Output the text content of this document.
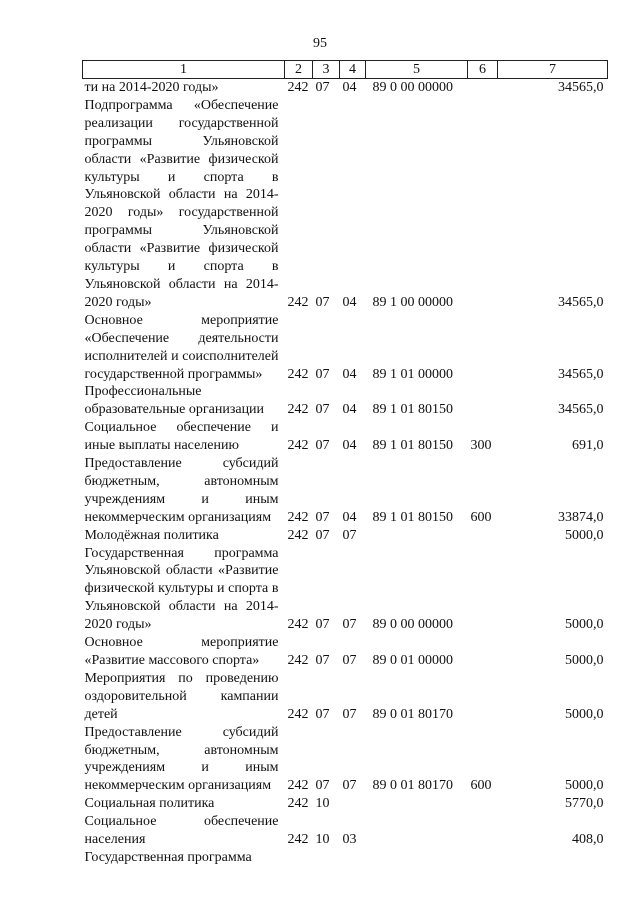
95
1	2	3	4	5	6	7
ти на 2014-2020 годы»	242	07	04	89 0 00 00000		34565,0
Подпрограмма «Обеспечение реализации государственной программы Ульяновской области «Развитие физической культуры и спорта в Ульяновской области на 2014-2020 годы» государственной программы Ульяновской области «Развитие физической культуры и спорта в Ульяновской области на 2014-2020 годы»	242	07	04	89 1 00 00000		34565,0
Основное мероприятие «Обеспечение деятельности исполнителей и соисполнителей государственной программы»	242	07	04	89 1 01 00000		34565,0
Профессиональные образовательные организации	242	07	04	89 1 01 80150		34565,0
Социальное обеспечение и иные выплаты населению	242	07	04	89 1 01 80150	300	691,0
Предоставление субсидий бюджетным, автономным учреждениям и иным некоммерческим организациям	242	07	04	89 1 01 80150	600	33874,0
Молодёжная политика	242	07	07			5000,0
Государственная программа Ульяновской области «Развитие физической культуры и спорта в Ульяновской области на 2014-2020 годы»	242	07	07	89 0 00 00000		5000,0
Основное мероприятие «Развитие массового спорта»	242	07	07	89 0 01 00000		5000,0
Мероприятия по проведению оздоровительной кампании детей	242	07	07	89 0 01 80170		5000,0
Предоставление субсидий бюджетным, автономным учреждениям и иным некоммерческим организациям	242	07	07	89 0 01 80170	600	5000,0
Социальная политика	242	10				5770,0
Социальное обеспечение населения	242	10	03			408,0
Государственная программа						
